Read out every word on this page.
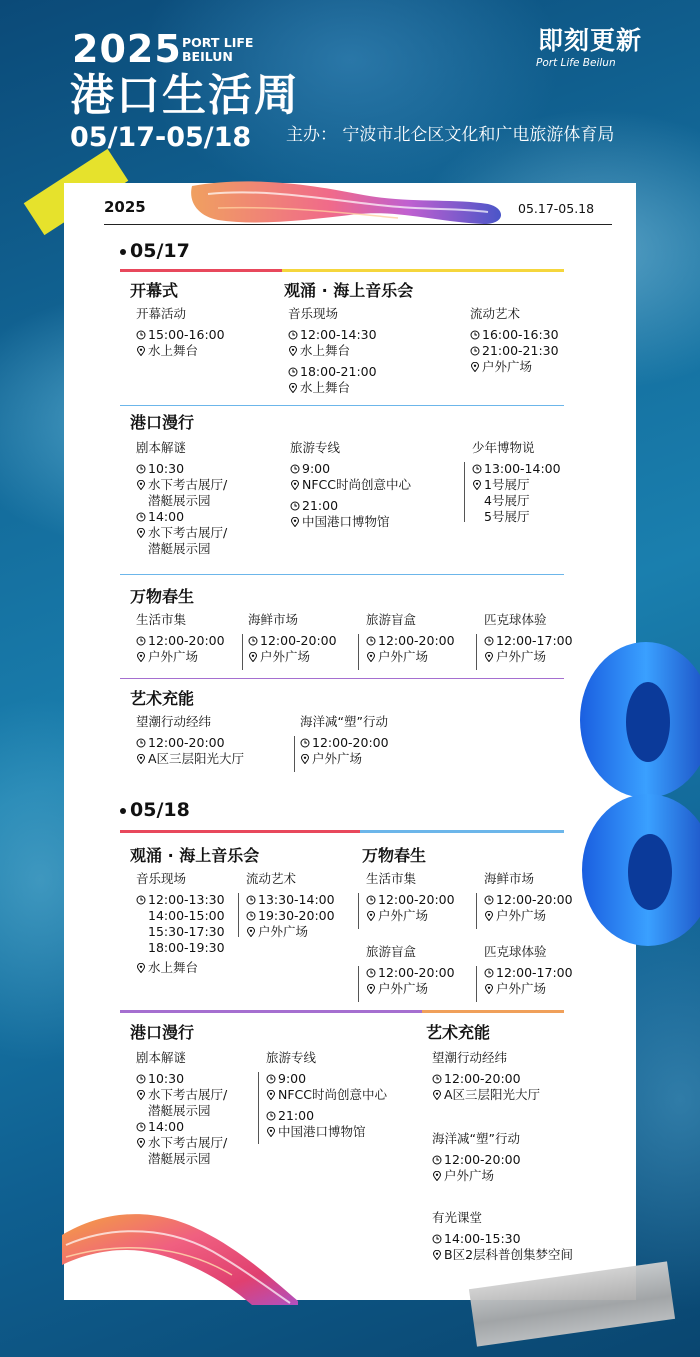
2025 PORT LIFE
BEILUN
港口生活周
05/17-05/18 主办： 宁波市北仑区文化和广电旅游体育局
即刻更新
Port Life Beilun
2025	05.17-05.18
05/17
开幕式	观涌 · 海上音乐会
开幕活动
15:00-16:00
水上舞台
音乐现场
12:00-14:30
水上舞台
18:00-21:00
水上舞台
流动艺术
16:00-16:30
21:00-21:30
户外广场
港口漫行
剧本解谜
10:30
水下考古展厅/
潜艇展示园
14:00
水下考古展厅/
潜艇展示园
旅游专线
9:00
NFCC时尚创意中心
21:00
中国港口博物馆
少年博物说
13:00-14:00
1号展厅
4号展厅
5号展厅
万物春生
生活市集
12:00-20:00
户外广场
海鲜市场
12:00-20:00
户外广场
旅游盲盒
12:00-20:00
户外广场
匹克球体验
12:00-17:00
户外广场
艺术充能
望潮行动经纬
12:00-20:00
A区三层阳光大厅
海洋减“塑”行动
12:00-20:00
户外广场
05/18
观涌 · 海上音乐会	万物春生
音乐现场
12:00-13:30
14:00-15:00
15:30-17:30
18:00-19:30
水上舞台
流动艺术
13:30-14:00
19:30-20:00
户外广场
生活市集
12:00-20:00
户外广场
海鲜市场
12:00-20:00
户外广场
旅游盲盒
12:00-20:00
户外广场
匹克球体验
12:00-17:00
户外广场
港口漫行	艺术充能
剧本解谜
10:30
水下考古展厅/
潜艇展示园
14:00
水下考古展厅/
潜艇展示园
旅游专线
9:00
NFCC时尚创意中心
21:00
中国港口博物馆
望潮行动经纬
12:00-20:00
A区三层阳光大厅
海洋减“塑”行动
12:00-20:00
户外广场
有光课堂
14:00-15:30
B区2层科普创集梦空间
